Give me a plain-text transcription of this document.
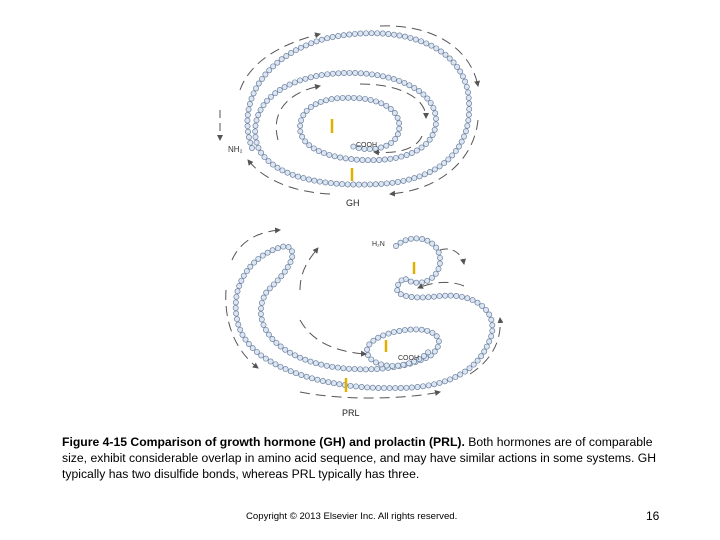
NH₂	COOH
GH
H₂N
COOH
PRL
Figure 4-15 Comparison of growth hormone (GH) and prolactin (PRL). Both hormones are of comparable size, exhibit considerable overlap in amino acid sequence, and may have similar actions in some systems. GH typically has two disulfide bonds, whereas PRL typically has three.
Copyright © 2013 Elsevier Inc. All rights reserved.	16
